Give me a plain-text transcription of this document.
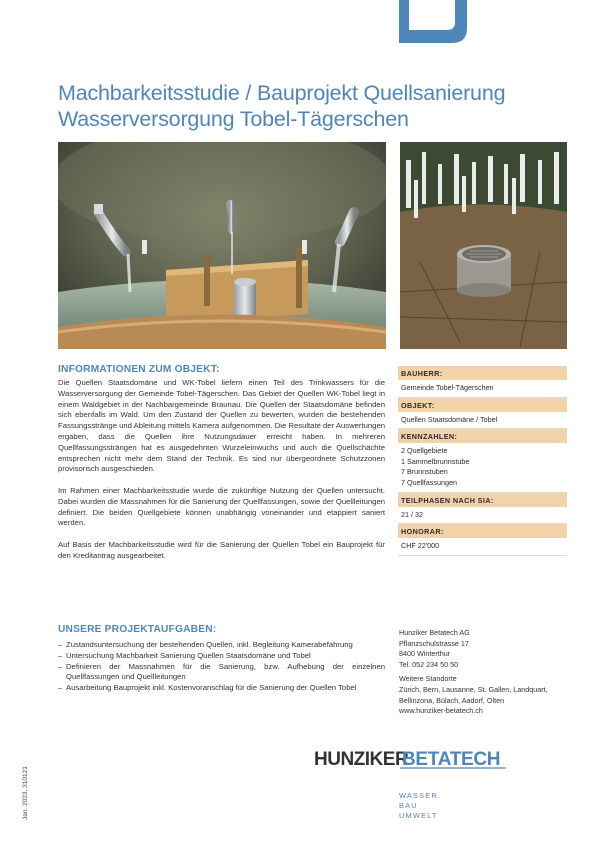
Machbarkeitsstudie / Bauprojekt Quellsanierung
Wasserversorgung Tobel-Tägerschen
INFORMATIONEN ZUM OBJEKT:

Die Quellen Staatsdomäne und WK-Tobel liefern einen Teil des Trinkwassers für die Wasserversorgung der Gemeinde Tobel-Tägerschen. Das Gebiet der Quellen WK-Tobel liegt in einem Waldgebiet in der Nachbargemeinde Braunau. Die Quellen der Staatsdomäne befinden sich ebenfalls im Wald. Um den Zustand der Quellen zu bewerten, wurden die bestehenden Fassungsstränge und Ableitung mittels Kamera aufgenommen. Die Resultate der Auswertungen ergaben, dass die Quellen ihre Nutzungsdauer erreicht haben. In mehreren Quellfassungssträngen hat es ausgedehnten Wurzeleinwuchs und auch die Quellschächte entsprechen nicht mehr dem Stand der Technik. Es sind nur übergeordnete Schutzzonen provisorisch ausgeschieden.

Im Rahmen einer Machbarkeitsstudie wurde die zukünftige Nutzung der Quellen untersucht. Dabei wurden die Massnahmen für die Sanierung der Quellfassungen, sowie der Quellleitungen definiert. Die beiden Quellgebiete können unabhängig voneinander und etappiert saniert werden.

Auf Basis der Machbarkeitsstudie wird für die Sanierung der Quellen Tobel ein Bauprojekt für den Kreditantrag ausgearbeitet.

UNSERE PROJEKTAUFGABEN:
– Zustandsuntersuchung der bestehenden Quellen, inkl. Begleitung Kamerabefahrung
– Untersuchung Machbarkeit Sanierung Quellen Staatsdomäne und Tobel
– Definieren der Massnahmen für die Sanierung, bzw. Aufhebung der einzelnen Quellfassungen und Quellleitungen
– Ausarbeitung Bauprojekt inkl. Kostenvoranschlag für die Sanierung der Quellen Tobel
BAUHERR:
Gemeinde Tobel-Tägerschen
OBJEKT:
Quellen Staatsdomäne / Tobel
KENNZAHLEN:
2 Quellgebiete
1 Sammelbrunnstube
7 Brunnstuben
7 Quellfassungen
TEILPHASEN NACH SIA:
21 / 32
HONORAR:
CHF 22'000
Hunziker Betatech AG
Pflanzschulstrasse 17
8400 Winterthur
Tel. 052 234 50 50
Weitere Standorte
Zürich, Bern, Lausanne, St. Gallen, Landquart, Bellinzona, Bülach, Aadorf, Olten
www.hunziker-betatech.ch
HUNZIKER
BETATECH
WASSER
BAU
UMWELT
Jan. 2023, 310121
